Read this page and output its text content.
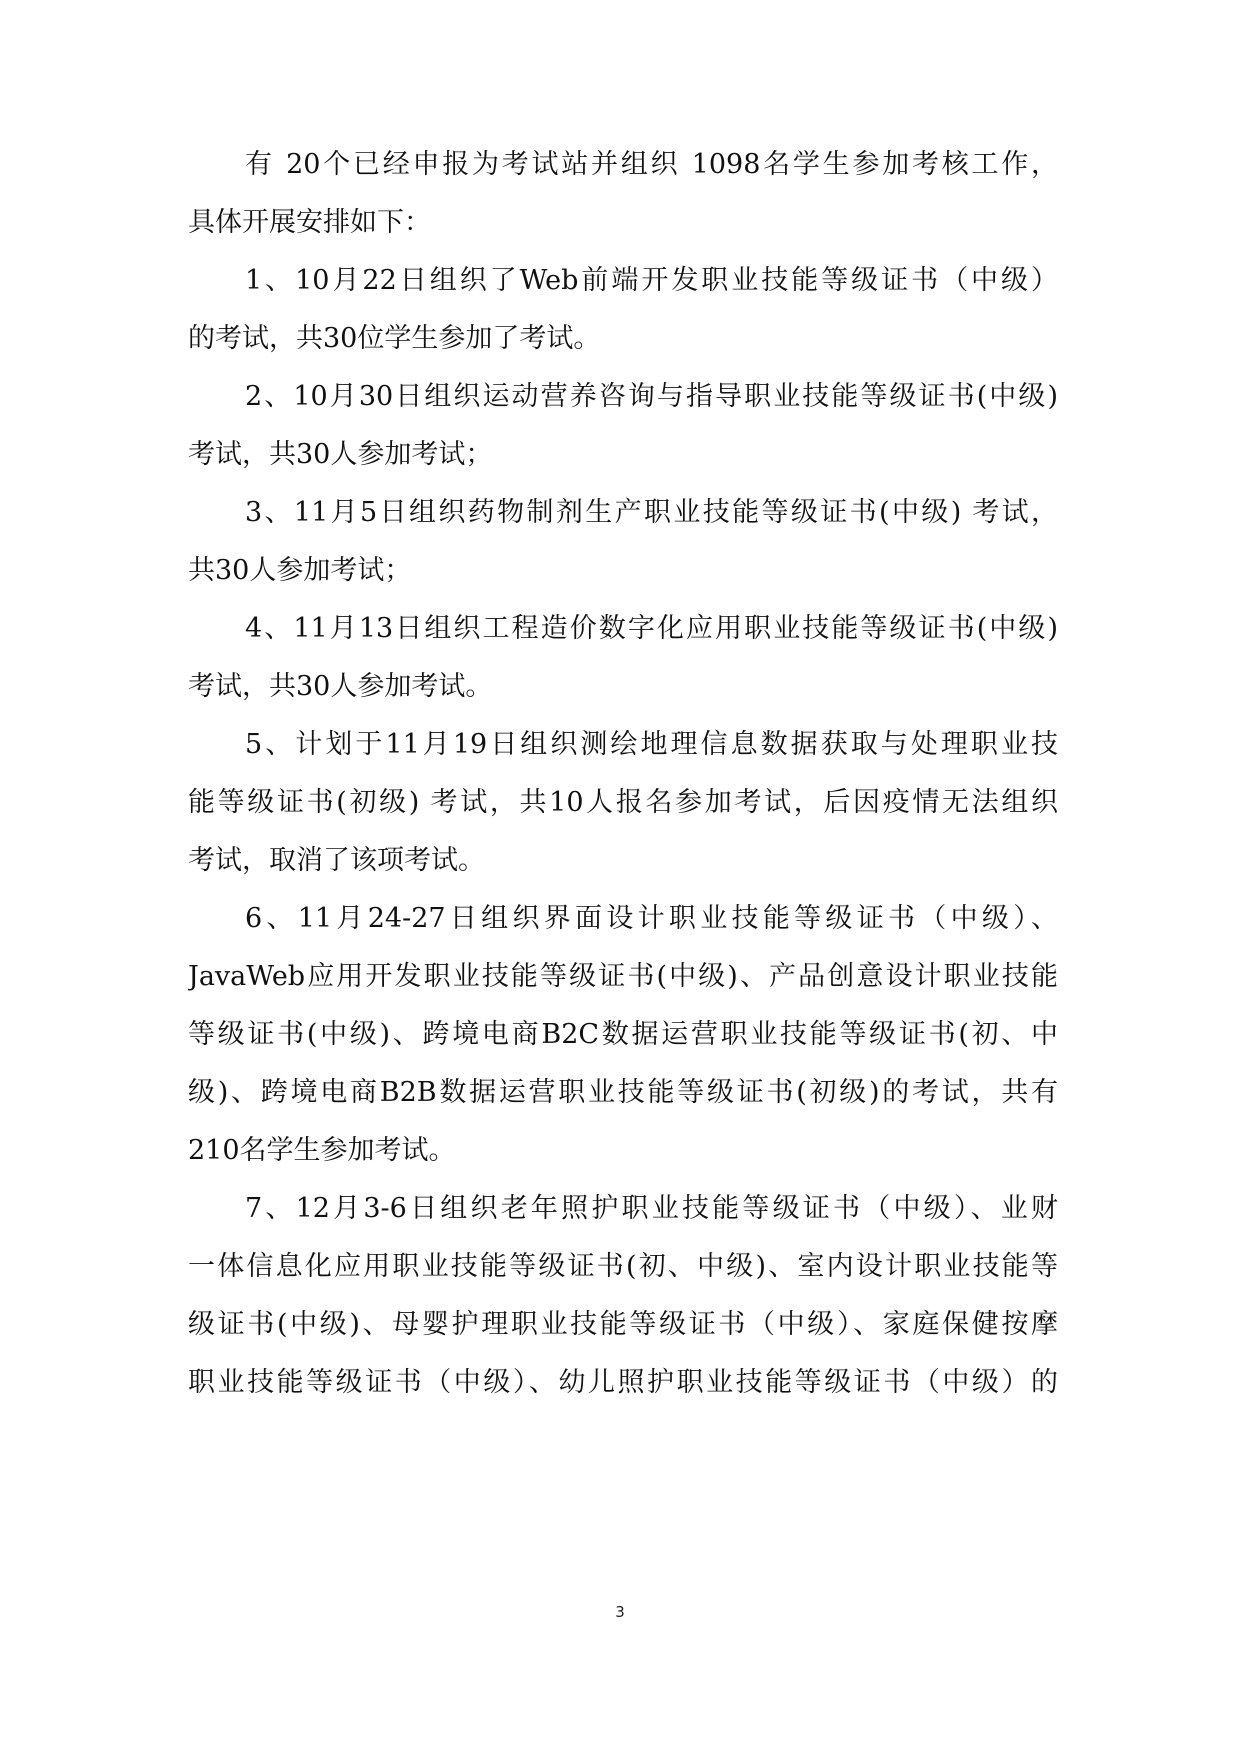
有 20个已经申报为考试站并组织 1098名学生参加考核工作，
具体开展安排如下：
1、10月22日组织了Web前端开发职业技能等级证书（中级）
的考试，共30位学生参加了考试。
2、10月30日组织运动营养咨询与指导职业技能等级证书(中级)
考试，共30人参加考试；
3、11月5日组织药物制剂生产职业技能等级证书(中级) 考试，
共30人参加考试；
4、11月13日组织工程造价数字化应用职业技能等级证书(中级)
考试，共30人参加考试。
5、计划于11月19日组织测绘地理信息数据获取与处理职业技
能等级证书(初级) 考试，共10人报名参加考试，后因疫情无法组织
考试，取消了该项考试。
6、11月24-27日组织界面设计职业技能等级证书（中级）、
JavaWeb应用开发职业技能等级证书(中级)、产品创意设计职业技能
等级证书(中级)、跨境电商B2C数据运营职业技能等级证书(初、中
级)、跨境电商B2B数据运营职业技能等级证书(初级)的考试，共有
210名学生参加考试。
7、12月3-6日组织老年照护职业技能等级证书（中级）、业财
一体信息化应用职业技能等级证书(初、中级)、室内设计职业技能等
级证书(中级)、母婴护理职业技能等级证书（中级）、家庭保健按摩
职业技能等级证书（中级）、幼儿照护职业技能等级证书（中级）的
3
